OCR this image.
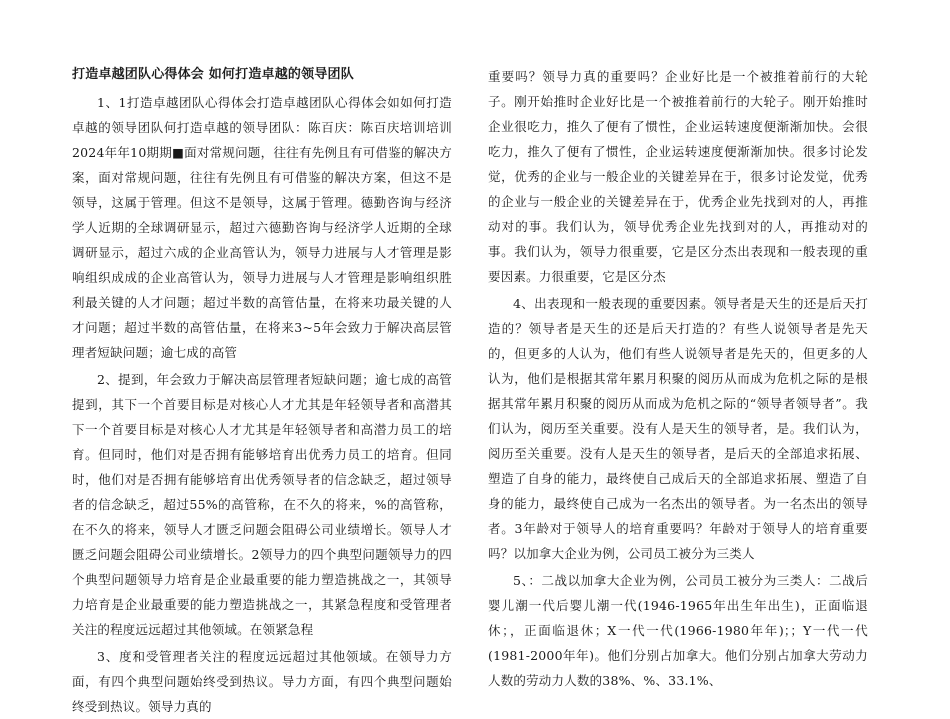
打造卓越团队心得体会 如何打造卓越的领导团队

1、1打造卓越团队心得体会打造卓越团队心得体会如如何打造卓越的领导团队何打造卓越的领导团队：陈百庆：陈百庆培训培训2024年年10期期■面对常规问题，往往有先例且有可借鉴的解决方案，面对常规问题，往往有先例且有可借鉴的解决方案，但这不是领导，这属于管理。但这不是领导，这属于管理。德勤咨询与经济学人近期的全球调研显示，超过六德勤咨询与经济学人近期的全球调研显示，超过六成的企业高管认为，领导力进展与人才管理是影响组织成成的企业高管认为，领导力进展与人才管理是影响组织胜利最关键的人才问题；超过半数的高管估量，在将来功最关键的人才问题；超过半数的高管估量，在将来3~5年会致力于解决高层管理者短缺问题；逾七成的高管

2、提到，年会致力于解决高层管理者短缺问题；逾七成的高管提到，其下一个首要目标是对核心人才尤其是年轻领导者和高潜其下一个首要目标是对核心人才尤其是年轻领导者和高潜力员工的培育。但同时，他们对是否拥有能够培育出优秀力员工的培育。但同时，他们对是否拥有能够培育出优秀领导者的信念缺乏，超过领导者的信念缺乏，超过55%的高管称，在不久的将来，%的高管称，在不久的将来，领导人才匮乏问题会阻碍公司业绩增长。领导人才匮乏问题会阻碍公司业绩增长。2领导力的四个典型问题领导力的四个典型问题领导力培育是企业最重要的能力塑造挑战之一，其领导力培育是企业最重要的能力塑造挑战之一，其紧急程度和受管理者关注的程度远远超过其他领域。在领紧急程

3、度和受管理者关注的程度远远超过其他领域。在领导力方面，有四个典型问题始终受到热议。导力方面，有四个典型问题始终受到热议。领导力真的

重要吗？领导力真的重要吗？企业好比是一个被推着前行的大轮子。刚开始推时企业好比是一个被推着前行的大轮子。刚开始推时企业很吃力，推久了便有了惯性，企业运转速度便渐渐加快。会很吃力，推久了便有了惯性，企业运转速度便渐渐加快。很多讨论发觉，优秀的企业与一般企业的关键差异在于，很多讨论发觉，优秀的企业与一般企业的关键差异在于，优秀企业先找到对的人，再推动对的事。我们认为，领导优秀企业先找到对的人，再推动对的事。我们认为，领导力很重要，它是区分杰出表现和一般表现的重要因素。力很重要，它是区分杰

4、出表现和一般表现的重要因素。领导者是天生的还是后天打造的？领导者是天生的还是后天打造的？有些人说领导者是先天的，但更多的人认为，他们有些人说领导者是先天的，但更多的人认为，他们是根据其常年累月积聚的阅历从而成为危机之际的是根据其常年累月积聚的阅历从而成为危机之际的“领导者领导者”。我们认为，阅历至关重要。没有人是天生的领导者，是。我们认为，阅历至关重要。没有人是天生的领导者，是后天的全部追求拓展、塑造了自身的能力，最终使自己成后天的全部追求拓展、塑造了自身的能力，最终使自己成为一名杰出的领导者。为一名杰出的领导者。3年龄对于领导人的培育重要吗？年龄对于领导人的培育重要吗？以加拿大企业为例，公司员工被分为三类人

5、：二战以加拿大企业为例，公司员工被分为三类人：二战后婴儿潮一代后婴儿潮一代(1946-1965年出生年出生)，正面临退休；，正面临退休；X一代一代(1966-1980年年)；；Y一代一代(1981-2000年年)。他们分别占加拿大。他们分别占加拿大劳动力人数的劳动力人数的38%、%、33.1%、
